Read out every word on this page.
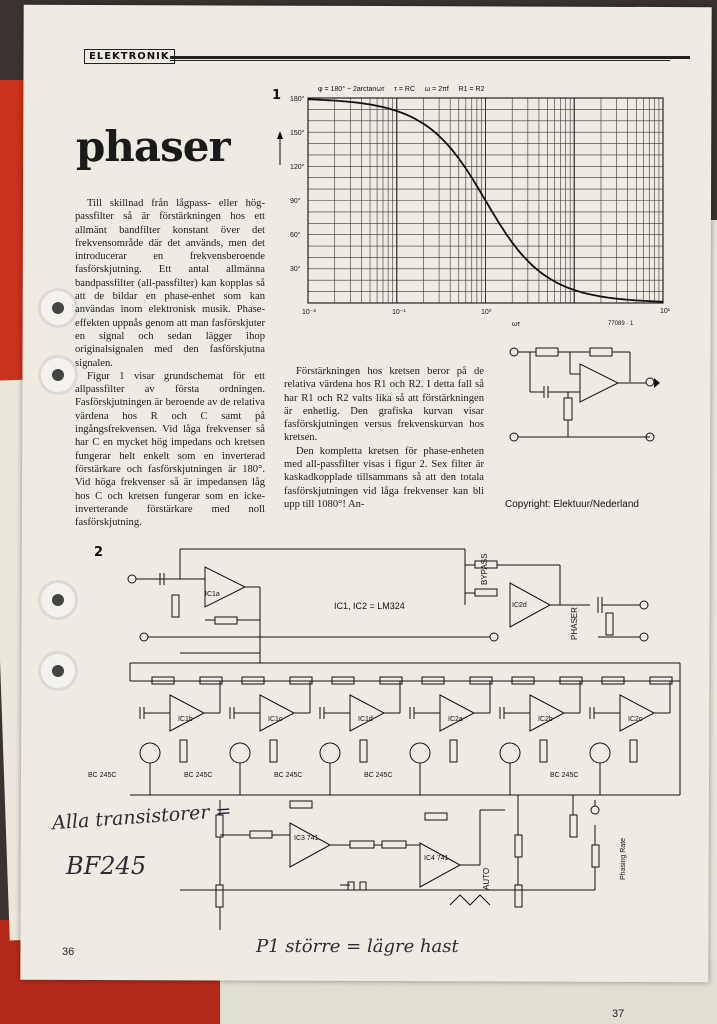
ELEKTRONIK
phaser

Till skillnad från lågpass- eller hög-passfilter så är förstärkningen hos ett allmänt bandfilter konstant över det frekvensområde där det används, men det introducerar en frekvensberoende fasförskjutning. Ett antal allmänna bandpassfilter (all-passfilter) kan kopplas så att de bildar en phase-enhet som kan användas inom elektronisk musik. Phase-effekten uppnås genom att man fasförskjuter en signal och sedan lägger ihop originalsignalen med den fasförskjutna signalen.

Figur 1 visar grundschemat för ett allpassfilter av första ordningen. Fasförskjutningen är beroende av de relativa värdena hos R och C samt på ingångsfrekvensen. Vid låga frekvenser så har C en mycket hög impedans och kretsen fungerar helt enkelt som en inverterad förstärkare och fasförskjutningen är 180°. Vid höga frekvenser så är impedansen låg hos C och kretsen fungerar som en icke-inverterande förstärkare med noll fasförskjutning.

Förstärkningen hos kretsen beror på de relativa värdena hos R1 och R2. I detta fall så har R1 och R2 valts lika så att förstärkningen är enhetlig. Den grafiska kurvan visar fasförskjutningen versus frekvenskurvan hos kretsen.

Den kompletta kretsen för phase-enheten med all-passfilter visas i figur 2. Sex filter är kaskadkopplade tillsammans så att den totala fasförskjutningen vid låga frekvenser kan bli upp till 1080°! An-

1	φ = 180° − 2arctanωτ     τ = RC     ω = 2πf     R1 = R2
180°
150°
120°
90°
60°
30°
10⁻²	10⁻¹	10⁰	10¹
ωτ	77089 · 1
Copyright: Elektuur/Nederland
2
IC1, IC2 = LM324
BYPASS
PHASER
AUTO	Phasing Rate
IC1a
IC1b	IC1c	IC1d	IC2a	IC2b	IC2c
IC2d
IC3 741
IC4 741
BC 245C	BC 245C	BC 245C	BC 245C	BC 245C
Alla transistorer =
BF245
P1 större = lägre hast
36
37
